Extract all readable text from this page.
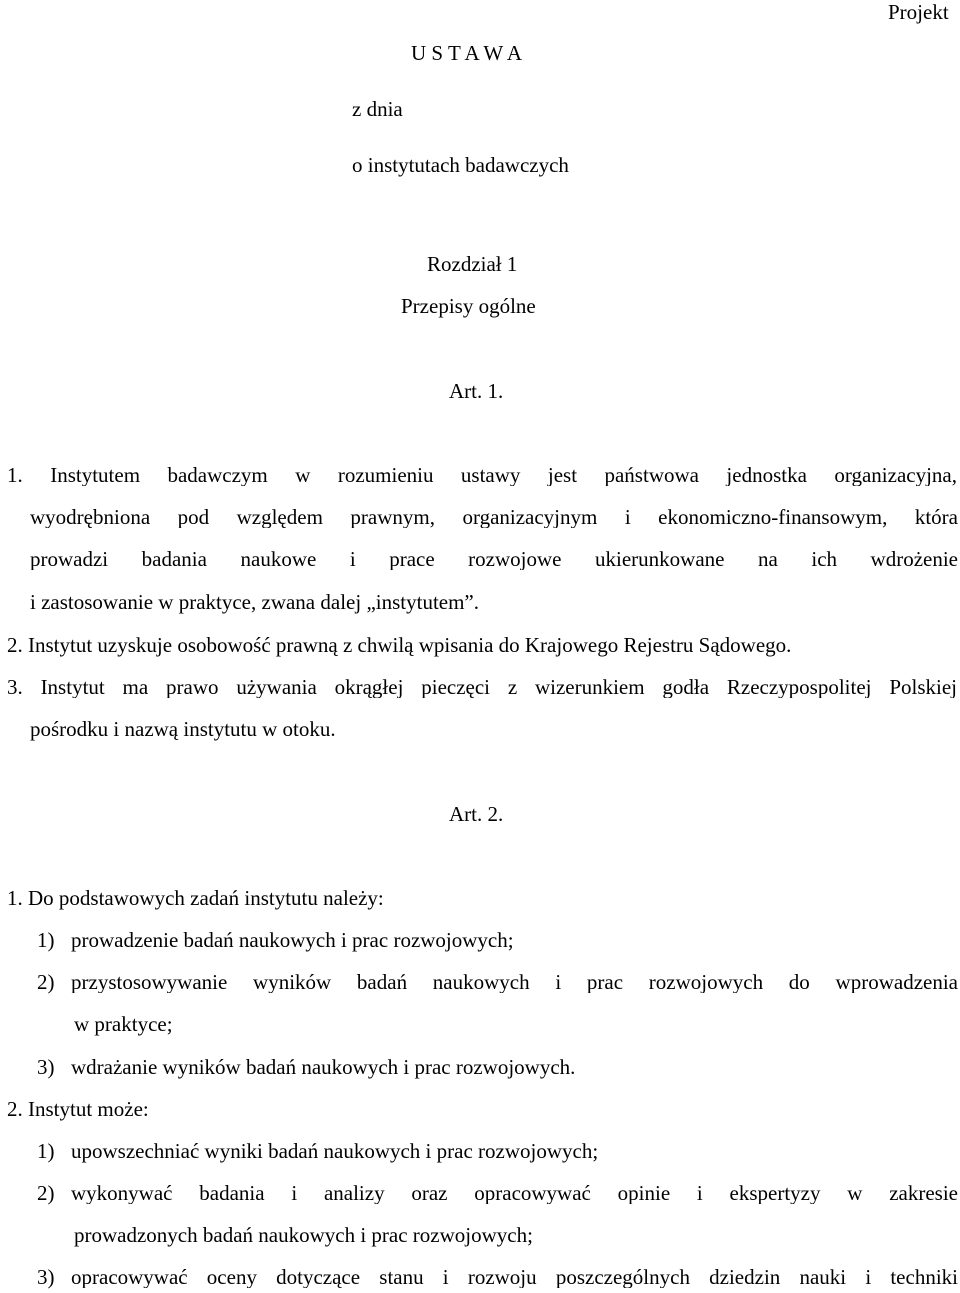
Projekt
U S T A W A
z dnia
o instytutach badawczych
Rozdział 1
Przepisy ogólne
Art. 1.
1. Instytutem badawczym w rozumieniu ustawy jest państwowa jednostka organizacyjna,
wyodrębniona pod względem prawnym, organizacyjnym i ekonomiczno-finansowym, która
prowadzi badania naukowe i prace rozwojowe ukierunkowane na ich wdrożenie
i zastosowanie w praktyce, zwana dalej „instytutem”.
2. Instytut uzyskuje osobowość prawną z chwilą wpisania do Krajowego Rejestru Sądowego.
3. Instytut ma prawo używania okrągłej pieczęci z wizerunkiem godła Rzeczypospolitej Polskiej
pośrodku i nazwą instytutu w otoku.
Art. 2.
1. Do podstawowych zadań instytutu należy:
1) prowadzenie badań naukowych i prac rozwojowych;
2) przystosowywanie wyników badań naukowych i prac rozwojowych do wprowadzenia
w praktyce;
3) wdrażanie wyników badań naukowych i prac rozwojowych.
2. Instytut może:
1) upowszechniać wyniki badań naukowych i prac rozwojowych;
2) wykonywać badania i analizy oraz opracowywać opinie i ekspertyzy w zakresie
prowadzonych badań naukowych i prac rozwojowych;
3) opracowywać oceny dotyczące stanu i rozwoju poszczególnych dziedzin nauki i techniki
